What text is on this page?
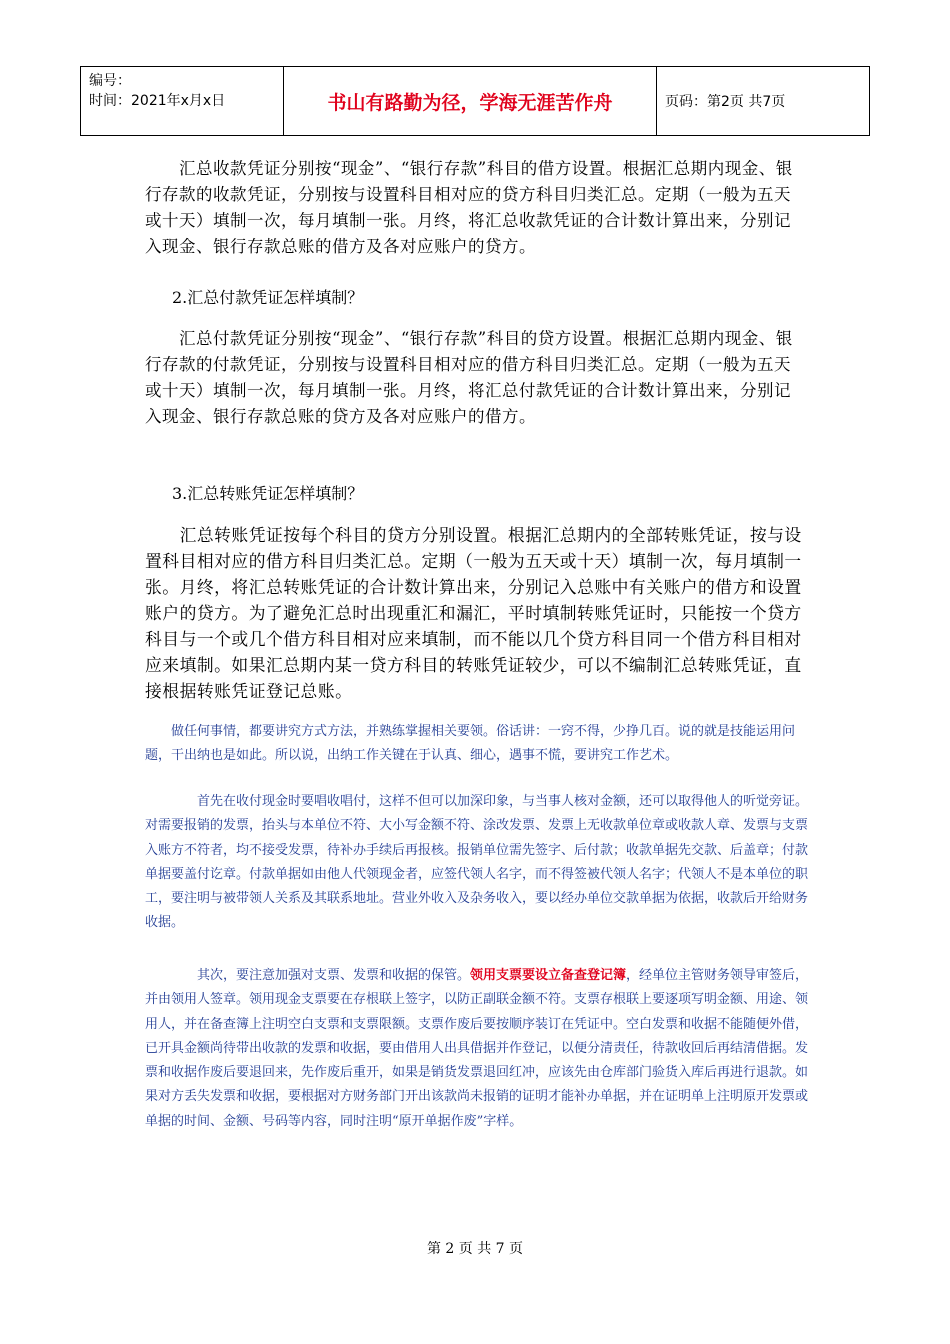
编号：
时间：2021年x月x日	书山有路勤为径，学海无涯苦作舟	页码：第2页 共7页

　　汇总收款凭证分别按“现金”、“银行存款”科目的借方设置。根据汇总期内现金、银行存款的收款凭证，分别按与设置科目相对应的贷方科目归类汇总。定期（一般为五天或十天）填制一次，每月填制一张。月终，将汇总收款凭证的合计数计算出来，分别记入现金、银行存款总账的借方及各对应账户的贷方。

2.汇总付款凭证怎样填制？

　　汇总付款凭证分别按“现金”、“银行存款”科目的贷方设置。根据汇总期内现金、银行存款的付款凭证，分别按与设置科目相对应的借方科目归类汇总。定期（一般为五天或十天）填制一次，每月填制一张。月终，将汇总付款凭证的合计数计算出来，分别记入现金、银行存款总账的贷方及各对应账户的借方。

3.汇总转账凭证怎样填制？

　　汇总转账凭证按每个科目的贷方分别设置。根据汇总期内的全部转账凭证，按与设置科目相对应的借方科目归类汇总。定期（一般为五天或十天）填制一次，每月填制一张。月终，将汇总转账凭证的合计数计算出来，分别记入总账中有关账户的借方和设置账户的贷方。为了避免汇总时出现重汇和漏汇，平时填制转账凭证时，只能按一个贷方科目与一个或几个借方科目相对应来填制，而不能以几个贷方科目同一个借方科目相对应来填制。如果汇总期内某一贷方科目的转账凭证较少，可以不编制汇总转账凭证，直接根据转账凭证登记总账。

　　做任何事情，都要讲究方式方法，并熟练掌握相关要领。俗话讲：一窍不得，少挣几百。说的就是技能运用问题，干出纳也是如此。所以说，出纳工作关键在于认真、细心，遇事不慌，要讲究工作艺术。

　　　　首先在收付现金时要唱收唱付，这样不但可以加深印象，与当事人核对金额，还可以取得他人的听觉旁证。对需要报销的发票，抬头与本单位不符、大小写金额不符、涂改发票、发票上无收款单位章或收款人章、发票与支票入账方不符者，均不接受发票，待补办手续后再报核。报销单位需先签字、后付款；收款单据先交款、后盖章；付款单据要盖付讫章。付款单据如由他人代领现金者，应签代领人名字，而不得签被代领人名字；代领人不是本单位的职工，要注明与被带领人关系及其联系地址。营业外收入及杂务收入，要以经办单位交款单据为依据，收款后开给财务收据。

　　　　其次，要注意加强对支票、发票和收据的保管。领用支票要设立备查登记簿，经单位主管财务领导审签后，并由领用人签章。领用现金支票要在存根联上签字，以防正副联金额不符。支票存根联上要逐项写明金额、用途、领用人，并在备查簿上注明空白支票和支票限额。支票作废后要按顺序装订在凭证中。空白发票和收据不能随便外借，已开具金额尚待带出收款的发票和收据，要由借用人出具借据并作登记，以便分清责任，待款收回后再结清借据。发票和收据作废后要退回来，先作废后重开，如果是销货发票退回红冲，应该先由仓库部门验货入库后再进行退款。如果对方丢失发票和收据，要根据对方财务部门开出该款尚未报销的证明才能补办单据，并在证明单上注明原开发票或单据的时间、金额、号码等内容，同时注明“原开单据作废”字样。

第 2 页 共 7 页
